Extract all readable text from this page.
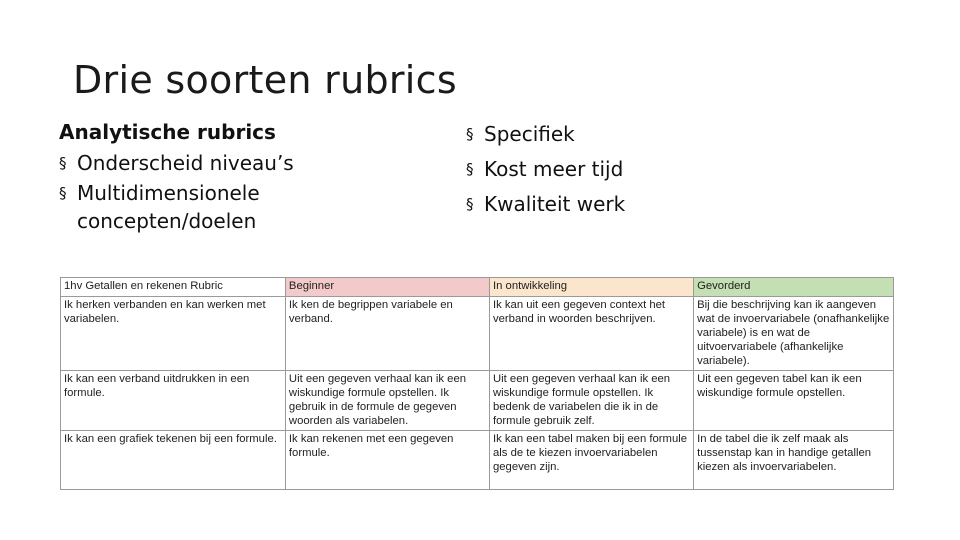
Drie soorten rubrics

Analytische rubrics

§ Onderscheid niveau’s
§ Multidimensionele concepten/doelen
§ Specifiek
§ Kost meer tijd
§ Kwaliteit werk
1hv Getallen en rekenen Rubric	Beginner	In ontwikkeling	Gevorderd
Ik herken verbanden en kan werken met variabelen.	Ik ken de begrippen variabele en verband.	Ik kan uit een gegeven context het verband in woorden beschrijven.	Bij die beschrijving kan ik aangeven wat de invoervariabele (onafhankelijke variabele) is en wat de uitvoervariabele (afhankelijke variabele).
Ik kan een verband uitdrukken in een formule.	Uit een gegeven verhaal kan ik een wiskundige formule opstellen. Ik gebruik in de formule de gegeven woorden als variabelen.	Uit een gegeven verhaal kan ik een wiskundige formule opstellen. Ik bedenk de variabelen die ik in de formule gebruik zelf.	Uit een gegeven tabel kan ik een wiskundige formule opstellen.
Ik kan een grafiek tekenen bij een formule.	Ik kan rekenen met een gegeven formule.	Ik kan een tabel maken bij een formule als de te kiezen invoervariabelen gegeven zijn.	In de tabel die ik zelf maak als tussenstap kan in handige getallen kiezen als invoervariabelen.
